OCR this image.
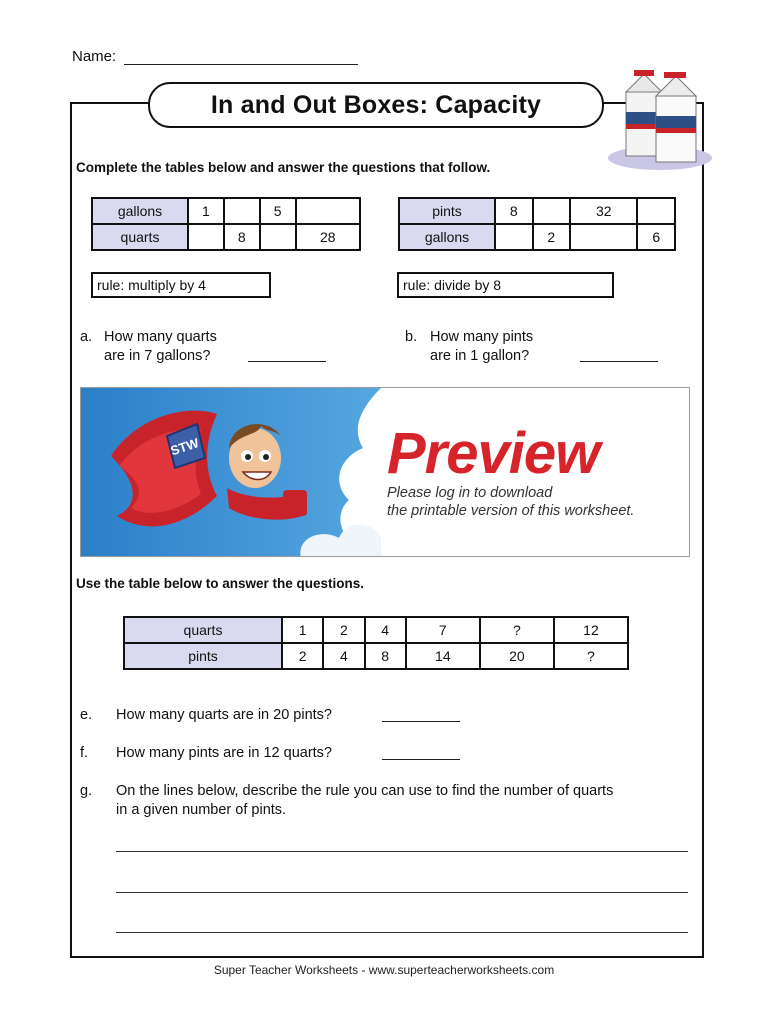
Name:
In and Out Boxes: Capacity
Complete the tables below and answer the questions that follow.
gallons	1		5	
quarts		8		28
pints	8		32	
gallons		2		6
rule: multiply by 4	rule: divide by 8
a. How many quarts
are in 7 gallons?
b. How many pints
are in 1 gallon?
STW	Preview
Please log in to download
the printable version of this worksheet.
Use the table below to answer the questions.
quarts	1	2	4	7	?	12
pints	2	4	8	14	20	?
e. How many quarts are in 20 pints?
f. How many pints are in 12 quarts?
g. On the lines below, describe the rule you can use to find the number of quarts
in a given number of pints.
Super Teacher Worksheets - www.superteacherworksheets.com
